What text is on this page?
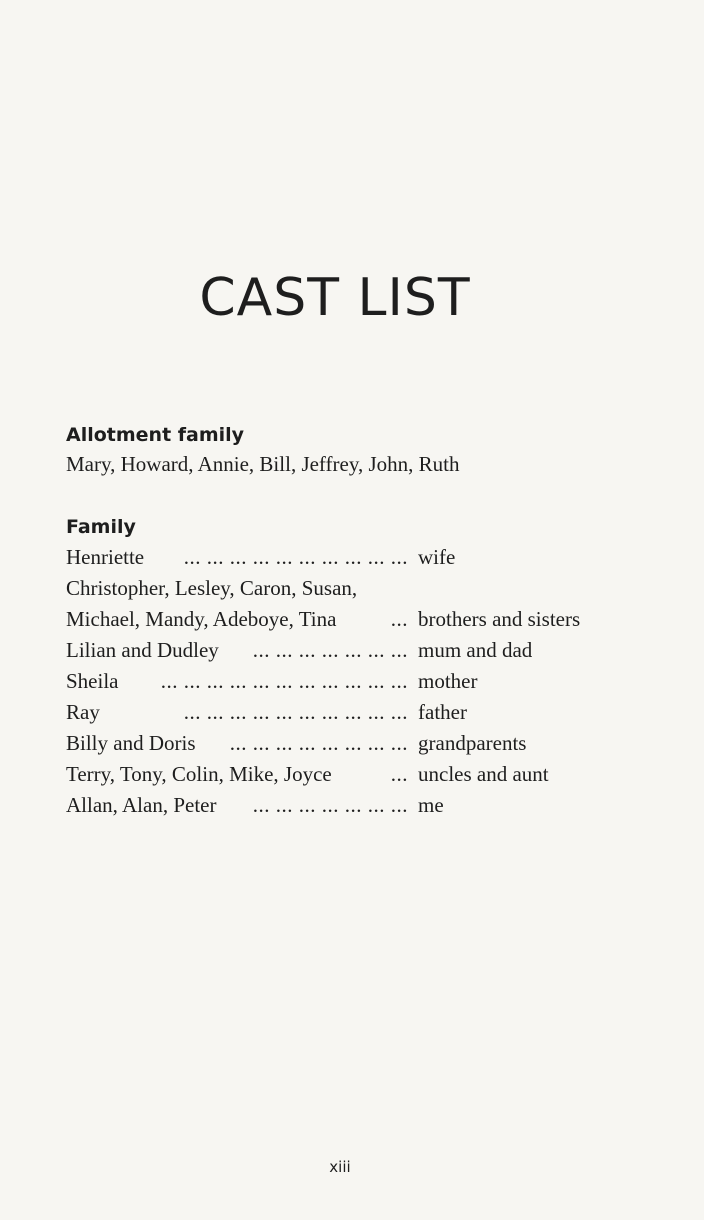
CAST LIST
Allotment family

Mary, Howard, Annie, Bill, Jeffrey, John, Ruth

Family
Henriette ... ... ... ... ... ... ... ... ... ... wife
Christopher, Lesley, Caron, Susan,
Michael, Mandy, Adeboye, Tina	... brothers and sisters
Lilian and Dudley ... ... ... ... ... ... ... mum and dad
Sheila ... ... ... ... ... ... ... ... ... ... ... mother
Ray	... ... ... ... ... ... ... ... ... ... father
Billy and Doris ... ... ... ... ... ... ... ... grandparents
Terry, Tony, Colin, Mike, Joyce	... uncles and aunt
Allan, Alan, Peter ... ... ... ... ... ... ... me
xiii
